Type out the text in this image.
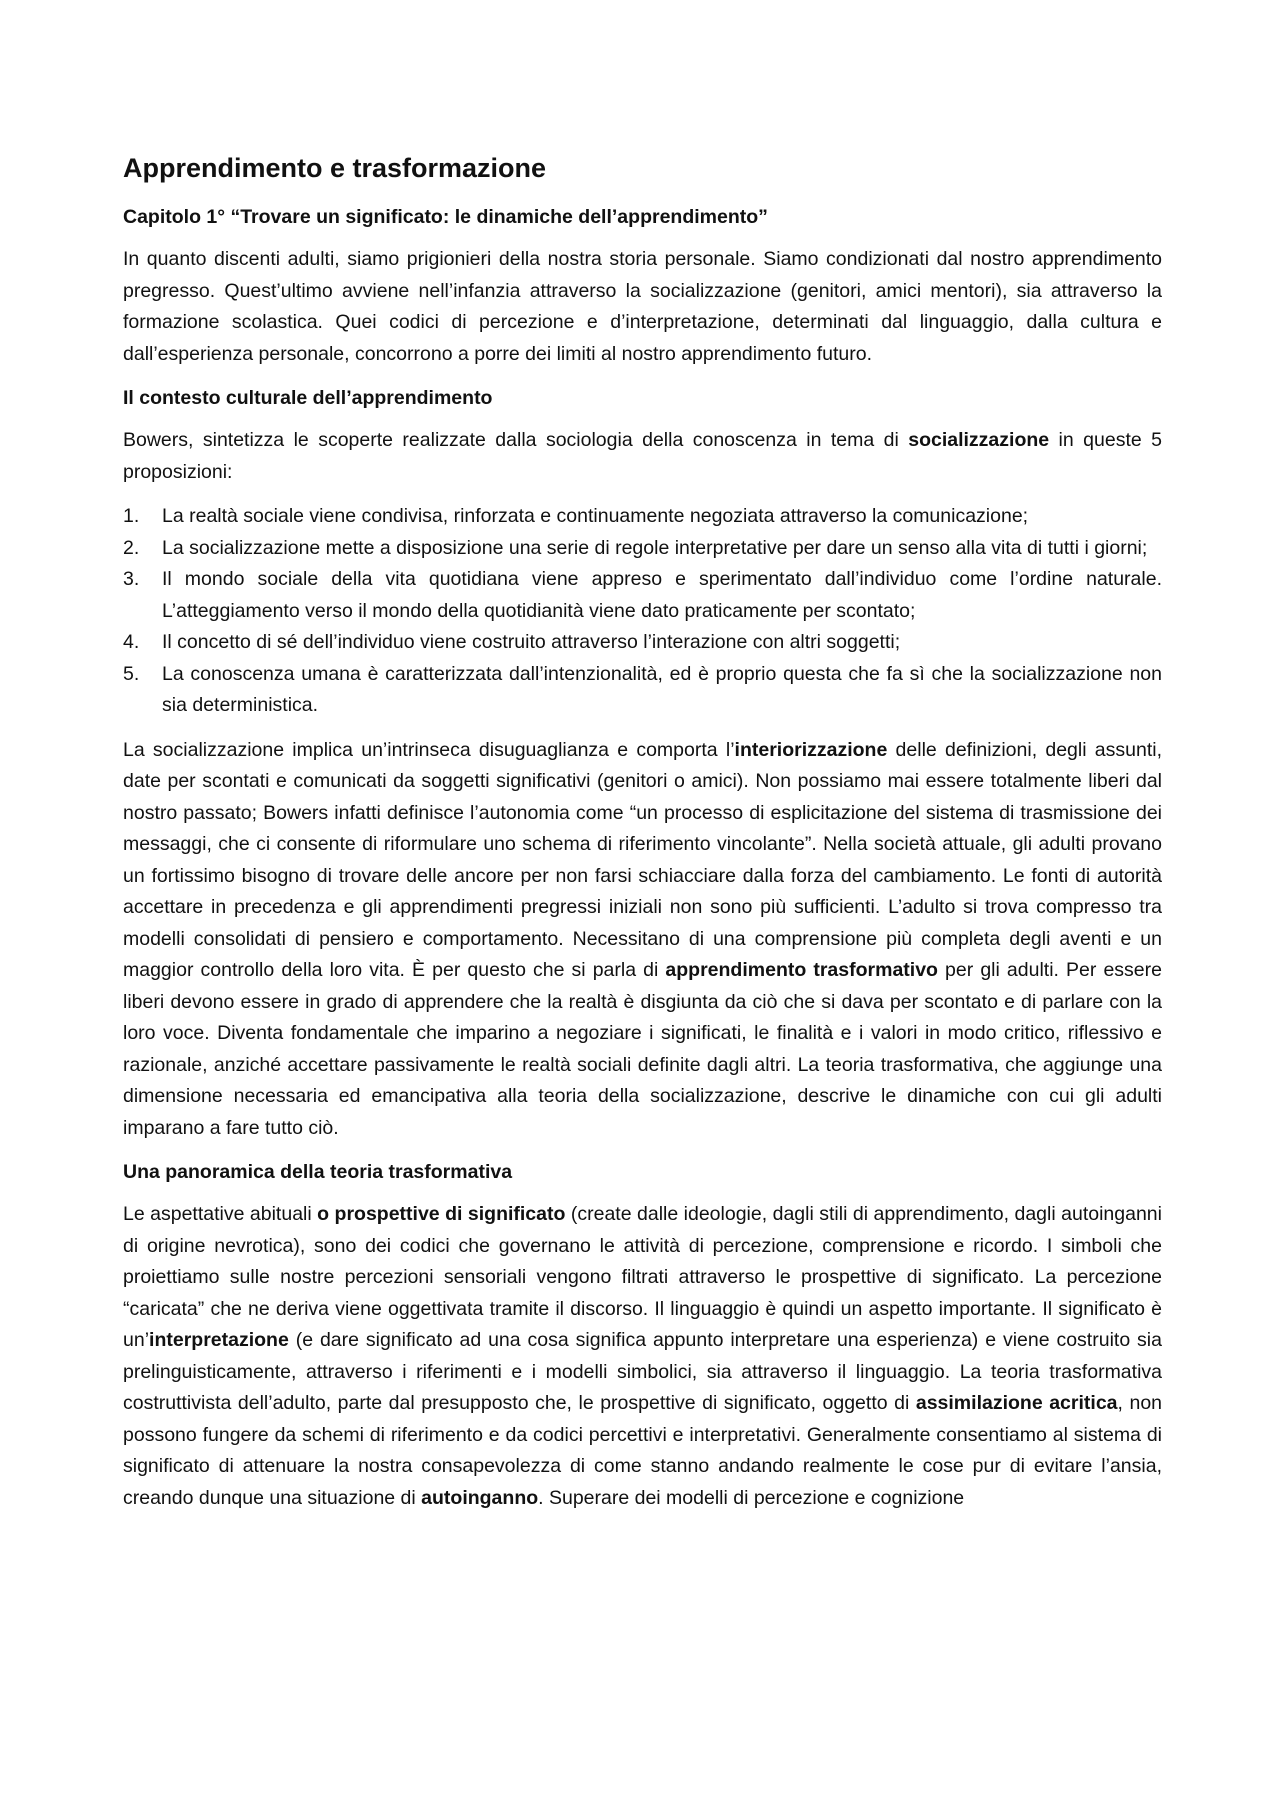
Apprendimento e trasformazione
Capitolo 1° “Trovare un significato: le dinamiche dell’apprendimento”

In quanto discenti adulti, siamo prigionieri della nostra storia personale. Siamo condizionati dal nostro apprendimento pregresso. Quest’ultimo avviene nell’infanzia attraverso la socializzazione (genitori, amici mentori), sia attraverso la formazione scolastica. Quei codici di percezione e d’interpretazione, determinati dal linguaggio, dalla cultura e dall’esperienza personale, concorrono a porre dei limiti al nostro apprendimento futuro.

Il contesto culturale dell’apprendimento

Bowers, sintetizza le scoperte realizzate dalla sociologia della conoscenza in tema di socializzazione in queste 5 proposizioni:

1. La realtà sociale viene condivisa, rinforzata e continuamente negoziata attraverso la comunicazione;
2. La socializzazione mette a disposizione una serie di regole interpretative per dare un senso alla vita di tutti i giorni;
3. Il mondo sociale della vita quotidiana viene appreso e sperimentato dall’individuo come l’ordine naturale. L’atteggiamento verso il mondo della quotidianità viene dato praticamente per scontato;
4. Il concetto di sé dell’individuo viene costruito attraverso l’interazione con altri soggetti;
5. La conoscenza umana è caratterizzata dall’intenzionalità, ed è proprio questa che fa sì che la socializzazione non sia deterministica.

La socializzazione implica un’intrinseca disuguaglianza e comporta l’interiorizzazione delle definizioni, degli assunti, date per scontati e comunicati da soggetti significativi (genitori o amici). Non possiamo mai essere totalmente liberi dal nostro passato; Bowers infatti definisce l’autonomia come “un processo di esplicitazione del sistema di trasmissione dei messaggi, che ci consente di riformulare uno schema di riferimento vincolante”. Nella società attuale, gli adulti provano un fortissimo bisogno di trovare delle ancore per non farsi schiacciare dalla forza del cambiamento. Le fonti di autorità accettare in precedenza e gli apprendimenti pregressi iniziali non sono più sufficienti. L’adulto si trova compresso tra modelli consolidati di pensiero e comportamento. Necessitano di una comprensione più completa degli aventi e un maggior controllo della loro vita. È per questo che si parla di apprendimento trasformativo per gli adulti. Per essere liberi devono essere in grado di apprendere che la realtà è disgiunta da ciò che si dava per scontato e di parlare con la loro voce. Diventa fondamentale che imparino a negoziare i significati, le finalità e i valori in modo critico, riflessivo e razionale, anziché accettare passivamente le realtà sociali definite dagli altri. La teoria trasformativa, che aggiunge una dimensione necessaria ed emancipativa alla teoria della socializzazione, descrive le dinamiche con cui gli adulti imparano a fare tutto ciò.

Una panoramica della teoria trasformativa

Le aspettative abituali o prospettive di significato (create dalle ideologie, dagli stili di apprendimento, dagli autoinganni di origine nevrotica), sono dei codici che governano le attività di percezione, comprensione e ricordo. I simboli che proiettiamo sulle nostre percezioni sensoriali vengono filtrati attraverso le prospettive di significato. La percezione “caricata” che ne deriva viene oggettivata tramite il discorso. Il linguaggio è quindi un aspetto importante. Il significato è un’interpretazione (e dare significato ad una cosa significa appunto interpretare una esperienza) e viene costruito sia prelinguisticamente, attraverso i riferimenti e i modelli simbolici, sia attraverso il linguaggio. La teoria trasformativa costruttivista dell’adulto, parte dal presupposto che, le prospettive di significato, oggetto di assimilazione acritica, non possono fungere da schemi di riferimento e da codici percettivi e interpretativi. Generalmente consentiamo al sistema di significato di attenuare la nostra consapevolezza di come stanno andando realmente le cose pur di evitare l’ansia, creando dunque una situazione di autoinganno. Superare dei modelli di percezione e cognizione
